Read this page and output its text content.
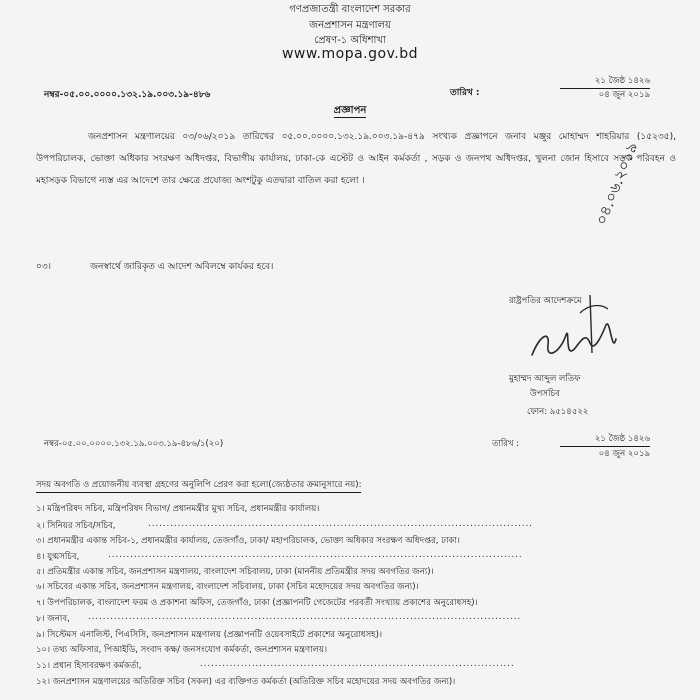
গণপ্রজাতন্ত্রী বাংলাদেশ সরকার
জনপ্রশাসন মন্ত্রণালয়
প্রেষণ-১ অধিশাখা
www.mopa.gov.bd
নম্বর-০৫.০০.০০০০.১৩২.১৯.০০৩.১৯-৪৮৬	তারিখ :
২১ জৈষ্ঠ ১৪২৬
০৪ জুন ২০১৯
প্রজ্ঞাপন
জনপ্রশাসন মন্ত্রণালয়ের ০৩/০৬/২০১৯ তারিখের ০৫.০০.০০০০.১৩২.১৯.০০৩.১৯-৪৭৯ সংখ্যক প্রজ্ঞাপনে জনাব মঞ্জুর মোহাম্মদ শাহরিয়ার (১৫২৩৫), উপপরিচালক, ভোক্তা অধিকার সংরক্ষণ অধিদপ্তর, বিভাগীয় কার্যালয়, ঢাকা-কে এস্টেট ও আইন কর্মকর্তা , সড়ক ও জনপথ অধিদপ্তর, খুলনা জোন হিসাবে সড়ক পরিবহন ও মহাসড়ক বিভাগে ন্যস্ত এর আদেশে তার ক্ষেত্রে প্রযোজ্য অংশটুকু এতদ্বারা বাতিল করা হলো ।
০৩।	জনস্বার্থে জারিকৃত এ আদেশ অবিলম্বে কার্যকর হবে।
রাষ্ট্রপতির আদেশক্রমে
০৪.০৬.২০১৯
মুহাম্মদ আব্দুল লতিফ
উপসচিব
ফোন: ৯৫১৪৫২২
নম্বর-০৫.০০.০০০০.১৩২.১৯.০০৩.১৯-৪৮৬/১(২০)	তারিখ :	২১ জৈষ্ঠ ১৪২৬
০৪ জুন ২০১৯
সদয় অবগতি ও প্রয়োজনীয় ব্যবস্থা গ্রহণের অনুলিপি প্রেরণ করা হলো(জ্যেষ্ঠতার ক্রমানুসারে নয়):
১। মন্ত্রিপরিষদ সচিব, মন্ত্রিপরিষদ বিভাগ/ প্রধানমন্ত্রীর মুখ্য সচিব, প্রধানমন্ত্রীর কার্যালয়।
২। সিনিয়র সচিব/সচিব,	........................................................................................................
৩। প্রধানমন্ত্রীর একান্ত সচিব-১, প্রধানমন্ত্রীর কার্যালয়, তেজগাঁও, ঢাকা/ মহাপরিচালক, ভোক্তা অধিকার সংরক্ষণ অধিদপ্তর, ঢাকা।
৪। যুগ্মসচিব,	................................................................................................................
৫। প্রতিমন্ত্রীর একান্ত সচিব, জনপ্রশাসন মন্ত্রণালয়, বাংলাদেশ সচিবালয়, ঢাকা (মাননীয় প্রতিমন্ত্রীর সদয় অবগতির জন্য)।
৬। সচিবের একান্ত সচিব, জনপ্রশাসন মন্ত্রণালয়, বাংলাদেশ সচিবালয়, ঢাকা (সচিব মহোদয়ের সদয় অবগতির জন্য)।
৭। উপপরিচালক, বাংলাদেশ ফরম ও প্রকাশনা অফিস, তেজগাঁও, ঢাকা (প্রজ্ঞাপনটি গেজেটের পরবর্তী সংখ্যায় প্রকাশের অনুরোধসহ)।
৮। জনাব, .....................................................................................................................
৯। সিস্টেমস এনালিস্ট, পিএসিসি, জনপ্রশাসন মন্ত্রণালয় (প্রজ্ঞাপনটি ওয়েবসাইটে প্রকাশের অনুরোধসহ)।
১০। তথ্য অফিসার, পিআইডি, সংবাদ কক্ষ/ জনসংযোগ কর্মকর্তা, জনপ্রশাসন মন্ত্রণালয়।
১১। প্রধান হিসাবরক্ষণ কর্মকর্তা,	.....................................................................................
১২। জনপ্রশাসন মন্ত্রণালয়ের অতিরিক্ত সচিব (সকল) এর ব্যক্তিগত কর্মকর্তা (অতিরিক্ত সচিব মহোদয়ের সদয় অবগতির জন্য)।
